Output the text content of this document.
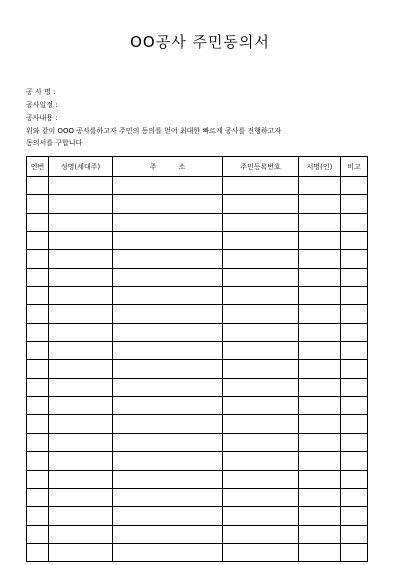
OO공사 주민동의서
공 사 명 :
공사일정 :
공사내용 :
위와 같이 OOO 공사를하고자 주민의 동의를 얻어 최대한 빠르게 공사를 진행하고자
동의서를 구합니다
연번	성명(세대주)	주          소	주민등록번호	서명(인)	비고
